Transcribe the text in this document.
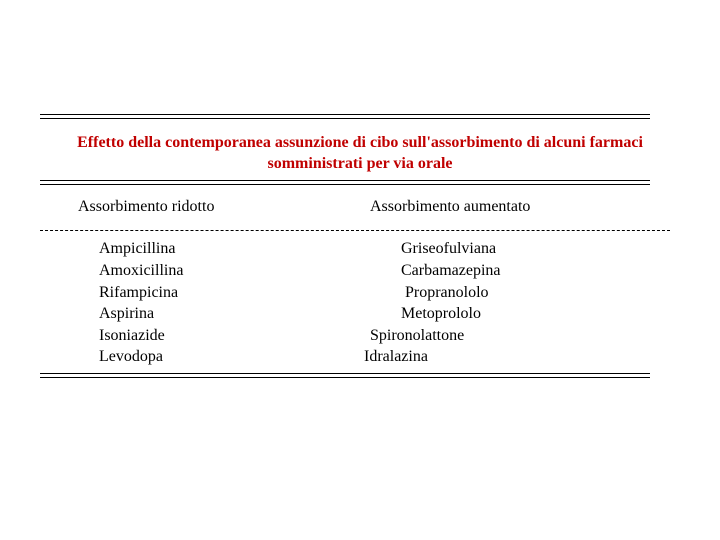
Effetto della contemporanea assunzione di cibo sull'assorbimento di alcuni farmaci
somministrati per via orale
Assorbimento ridotto	Assorbimento aumentato
Ampicillina
Amoxicillina
Rifampicina
Aspirina
Isoniazide
Levodopa
Griseofulviana
Carbamazepina
Propranololo
Metoprololo
Spironolattone
Idralazina
